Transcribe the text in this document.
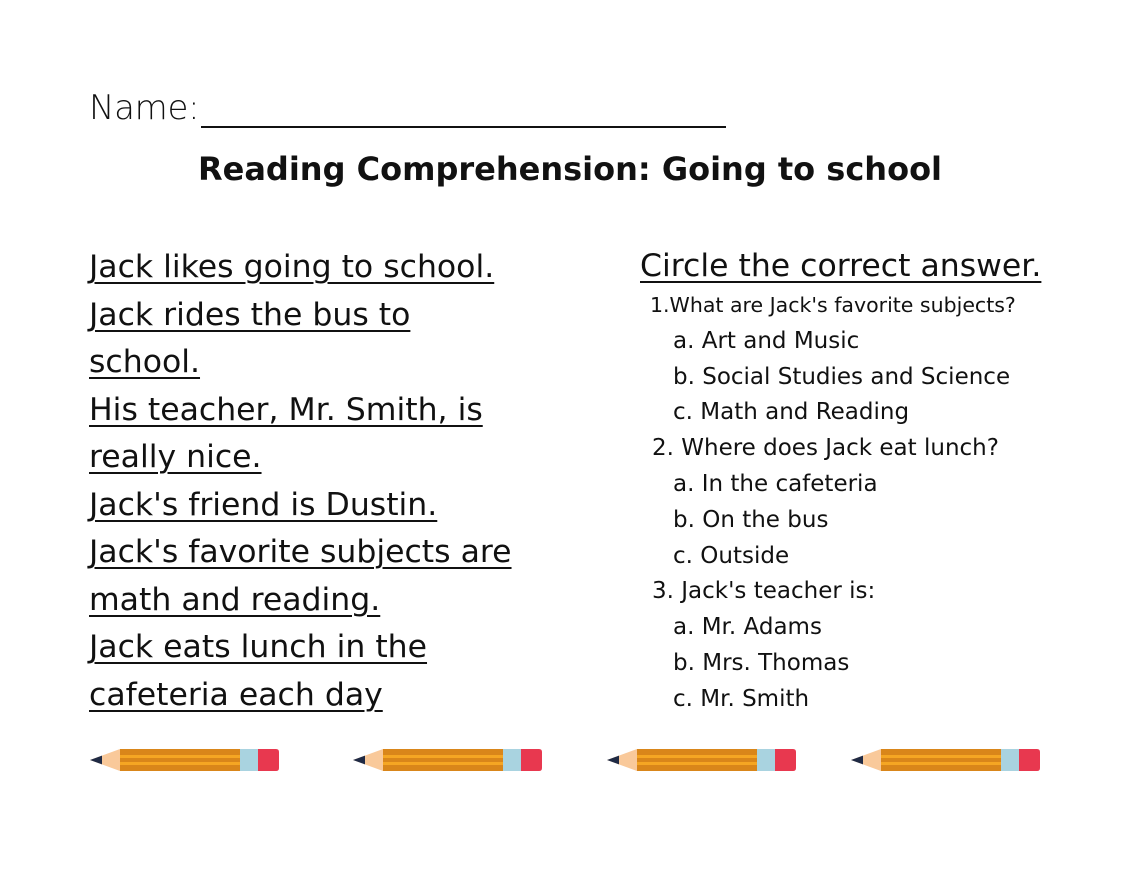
Name:
Reading Comprehension: Going to school
Jack likes going to school.
Jack rides the bus to
school.
His teacher, Mr. Smith, is
really nice.
Jack's friend is Dustin.
Jack's favorite subjects are
math and reading.
Jack eats lunch in the
cafeteria each day
Circle the correct answer.
1.What are Jack's favorite subjects?
a. Art and Music
b. Social Studies and Science
c. Math and Reading
2. Where does Jack eat lunch?
a. In the cafeteria
b. On the bus
c. Outside
3. Jack's teacher is:
a. Mr. Adams
b. Mrs. Thomas
c. Mr. Smith
